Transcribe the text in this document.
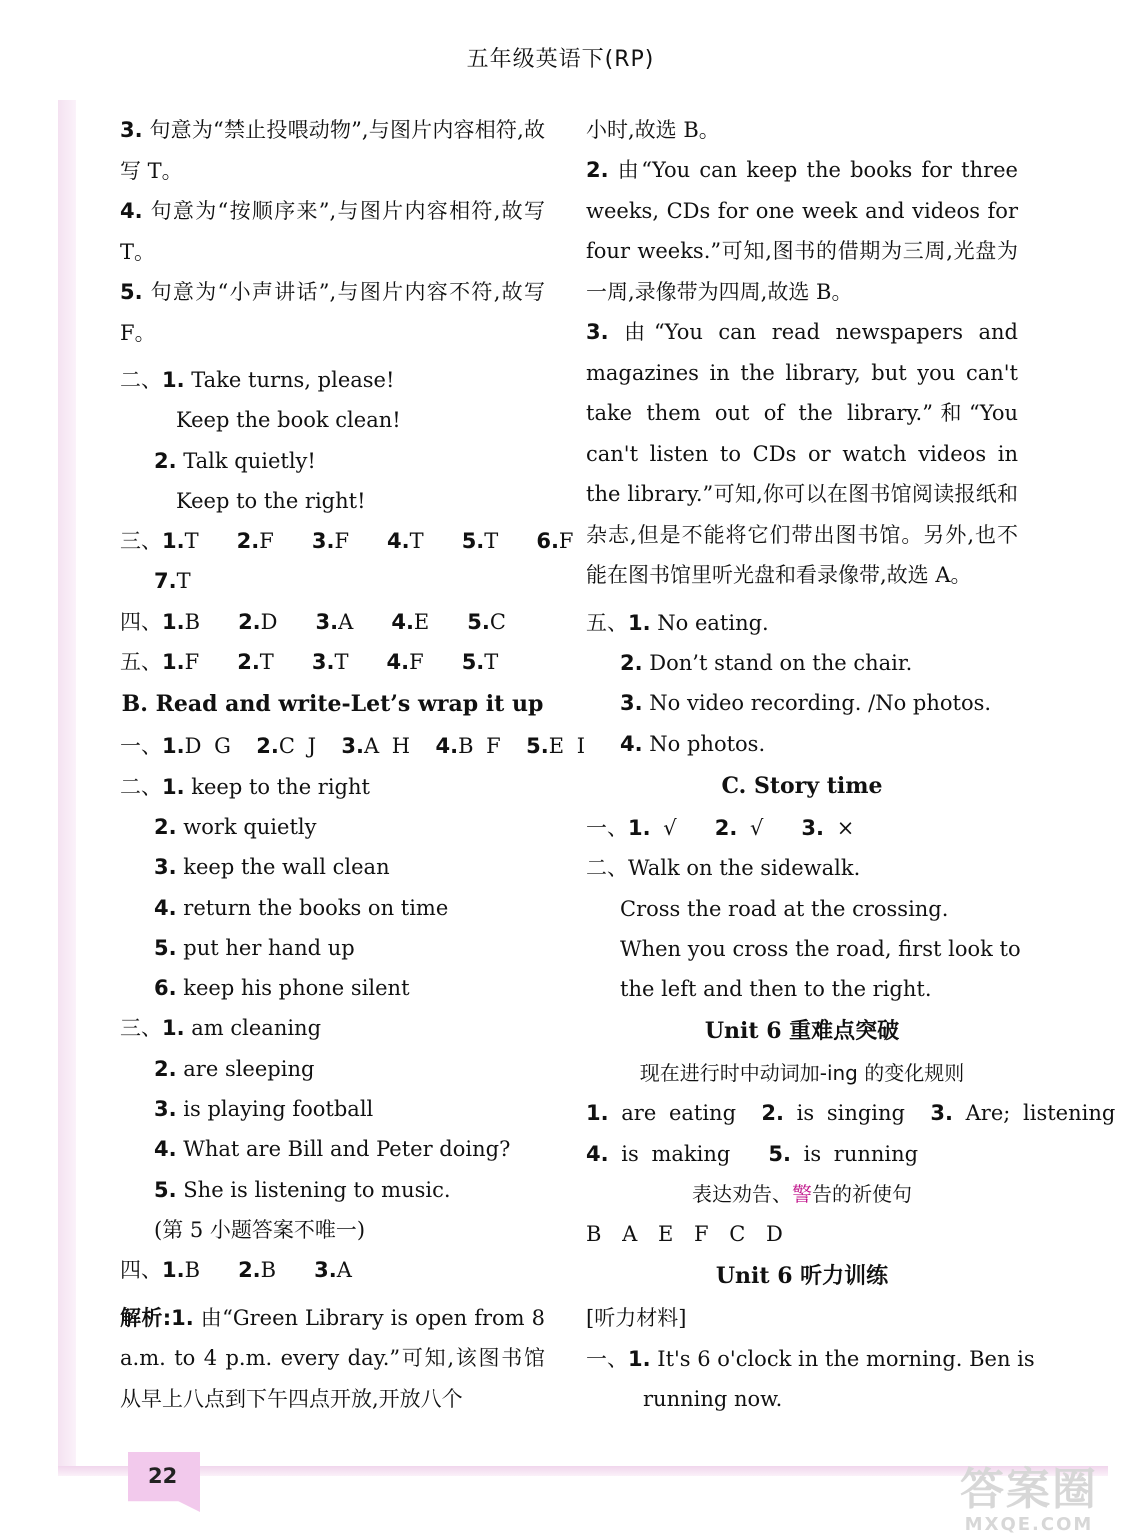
五年级英语下(RP)
22	答案圈
MXQE.COM
3. 句意为“禁止投喂动物”,与图片内容相符,故写 T。
4. 句意为“按顺序来”,与图片内容相符,故写 T。
5. 句意为“小声讲话”,与图片内容不符,故写 F。
二、1. Take turns, please!
Keep the book clean!
2. Talk quietly!
Keep to the right!
三、1.T 2.F 3.F 4.T 5.T 6.F
7.T
四、1.B 2.D 3.A 4.E 5.C
五、1.F 2.T 3.T 4.F 5.T
B. Read and write-Let’s wrap it up
一、1.D G 2.C J 3.A H 4.B F 5.E I
二、1. keep to the right
2. work quietly
3. keep the wall clean
4. return the books on time
5. put her hand up
6. keep his phone silent
三、1. am cleaning
2. are sleeping
3. is playing football
4. What are Bill and Peter doing?
5. She is listening to music.
(第 5 小题答案不唯一)
四、1.B 2.B 3.A
解析:1. 由“Green Library is open from 8 a.m. to 4 p.m. every day.”可知,该图书馆从早上八点到下午四点开放,开放八个
小时,故选 B。
2. 由“You can keep the books for three weeks, CDs for one week and videos for four weeks.”可知,图书的借期为三周,光盘为一周,录像带为四周,故选 B。
3. 由“You can read newspapers and magazines in the library, but you can't take them out of the library.”和“You can't listen to CDs or watch videos in the library.”可知,你可以在图书馆阅读报纸和杂志,但是不能将它们带出图书馆。另外,也不能在图书馆里听光盘和看录像带,故选 A。
五、1. No eating.
2. Don’t stand on the chair.
3. No video recording. /No photos.
4. No photos.
C. Story time
一、1. √ 2. √ 3. ×
二、Walk on the sidewalk.
Cross the road at the crossing.
When you cross the road, first look to
the left and then to the right.
Unit 6 重难点突破
现在进行时中动词加-ing 的变化规则
1. are eating 2. is singing 3. Are; listening
4. is making 5. is running
表达劝告、警告的祈使句
B A E F C D
Unit 6 听力训练
[听力材料]
一、1. It's 6 o'clock in the morning. Ben is
running now.
